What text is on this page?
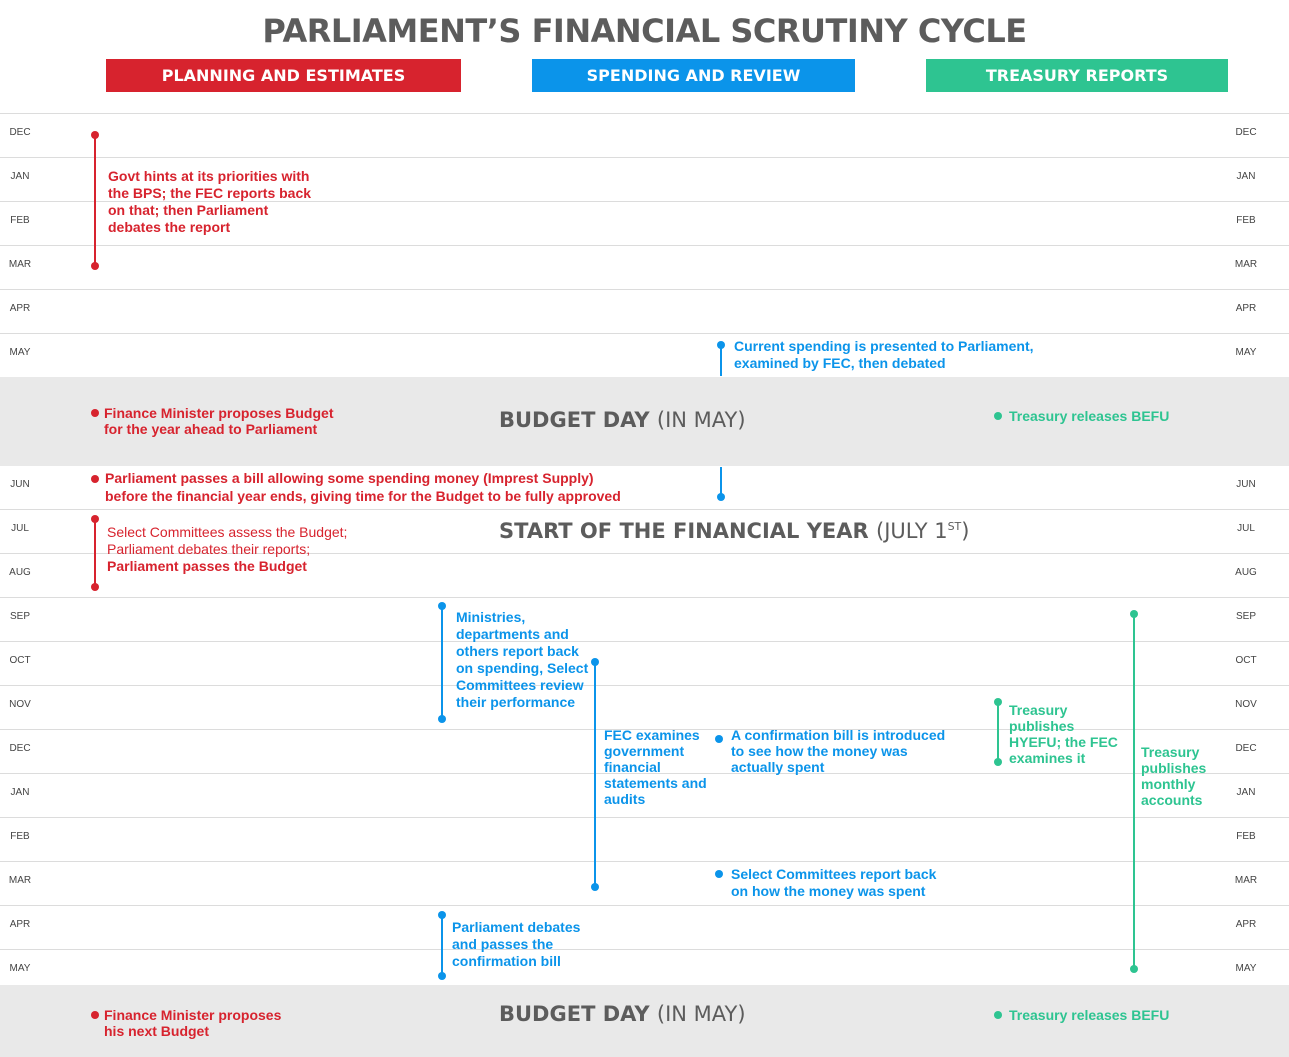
PARLIAMENT’S FINANCIAL SCRUTINY CYCLE
PLANNING AND ESTIMATES	SPENDING AND REVIEW	TREASURY REPORTS
DEC
JAN
FEB
MAR
APR
MAY
DEC
JAN
FEB
MAR
APR
MAY
JUN
JUL
AUG
SEP
OCT
NOV
DEC
JAN
FEB
MAR
APR
MAY
JUN
JUL
AUG
SEP
OCT
NOV
DEC
JAN
FEB
MAR
APR
MAY
Govt hints at its priorities with the BPS; the FEC reports back on that; then Parliament debates the report
Finance Minister proposes Budget for the year ahead to Parliament
Parliament passes a bill allowing some spending money (Imprest Supply)
before the financial year ends, giving time for the Budget to be fully approved
Select Committees assess the Budget;
Parliament debates their reports;
Parliament passes the Budget
Finance Minister proposes his next Budget
BUDGET DAY (IN MAY)
START OF THE FINANCIAL YEAR (JULY 1ST)
BUDGET DAY (IN MAY)
Current spending is presented to Parliament, examined by FEC, then debated
Ministries, departments and others report back on spending, Select Committees review their performance
FEC examines government financial statements and audits
A confirmation bill is introduced to see how the money was actually spent
Select Committees report back on how the money was spent
Parliament debates and passes the confirmation bill
Treasury releases BEFU
Treasury publishes HYEFU; the FEC examines it	Treasury publishes monthly accounts
Treasury releases BEFU
